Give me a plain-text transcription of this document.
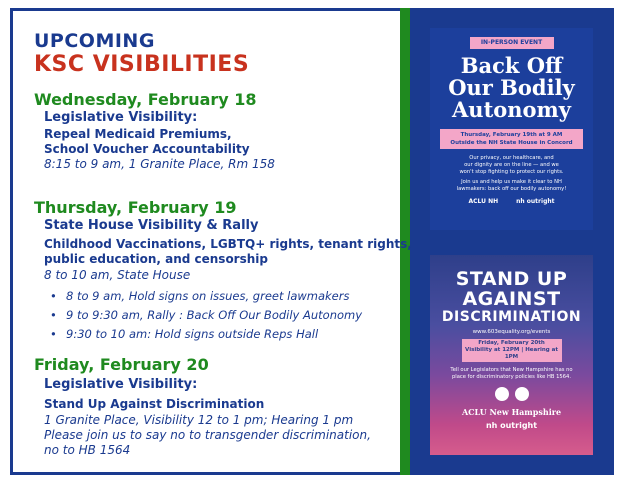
UPCOMING
KSC VISIBILITIES
Wednesday, February 18
Legislative Visibility:
Repeal Medicaid Premiums,
School Voucher Accountability
8:15 to 9 am, 1 Granite Place, Rm 158
Thursday, February 19
State House Visibility & Rally
Childhood Vaccinations, LGBTQ+ rights, tenant rights,
public education, and censorship
8 to 10 am, State House
• 8 to 9 am, Hold signs on issues, greet lawmakers
• 9 to 9:30 am, Rally : Back Off Our Bodily Autonomy
• 9:30 to 10 am: Hold signs outside Reps Hall
Friday, February 20
Legislative Visibility:
Stand Up Against Discrimination
1 Granite Place, Visibility 12 to 1 pm; Hearing 1 pm
Please join us to say no to transgender discrimination,
no to HB 1564
IN-PERSON EVENT
Back Off
Our Bodily
Autonomy
Thursday, February 19th at 9 AM
Outside the NH State House in Concord
Our privacy, our healthcare, and
our dignity are on the line — and we
won't stop fighting to protect our rights.
Join us and help us make it clear to NH
lawmakers: back off our bodily autonomy!
ACLU NH	nh outright
STAND UP
AGAINST
DISCRIMINATION
www.603equality.org/events
Friday, February 20th
Visibility at 12PM | Hearing at 1PM
Tell our Legislators that New Hampshire has no
place for discriminatory policies like HB 1564.
ACLU New Hampshire
nh outright
